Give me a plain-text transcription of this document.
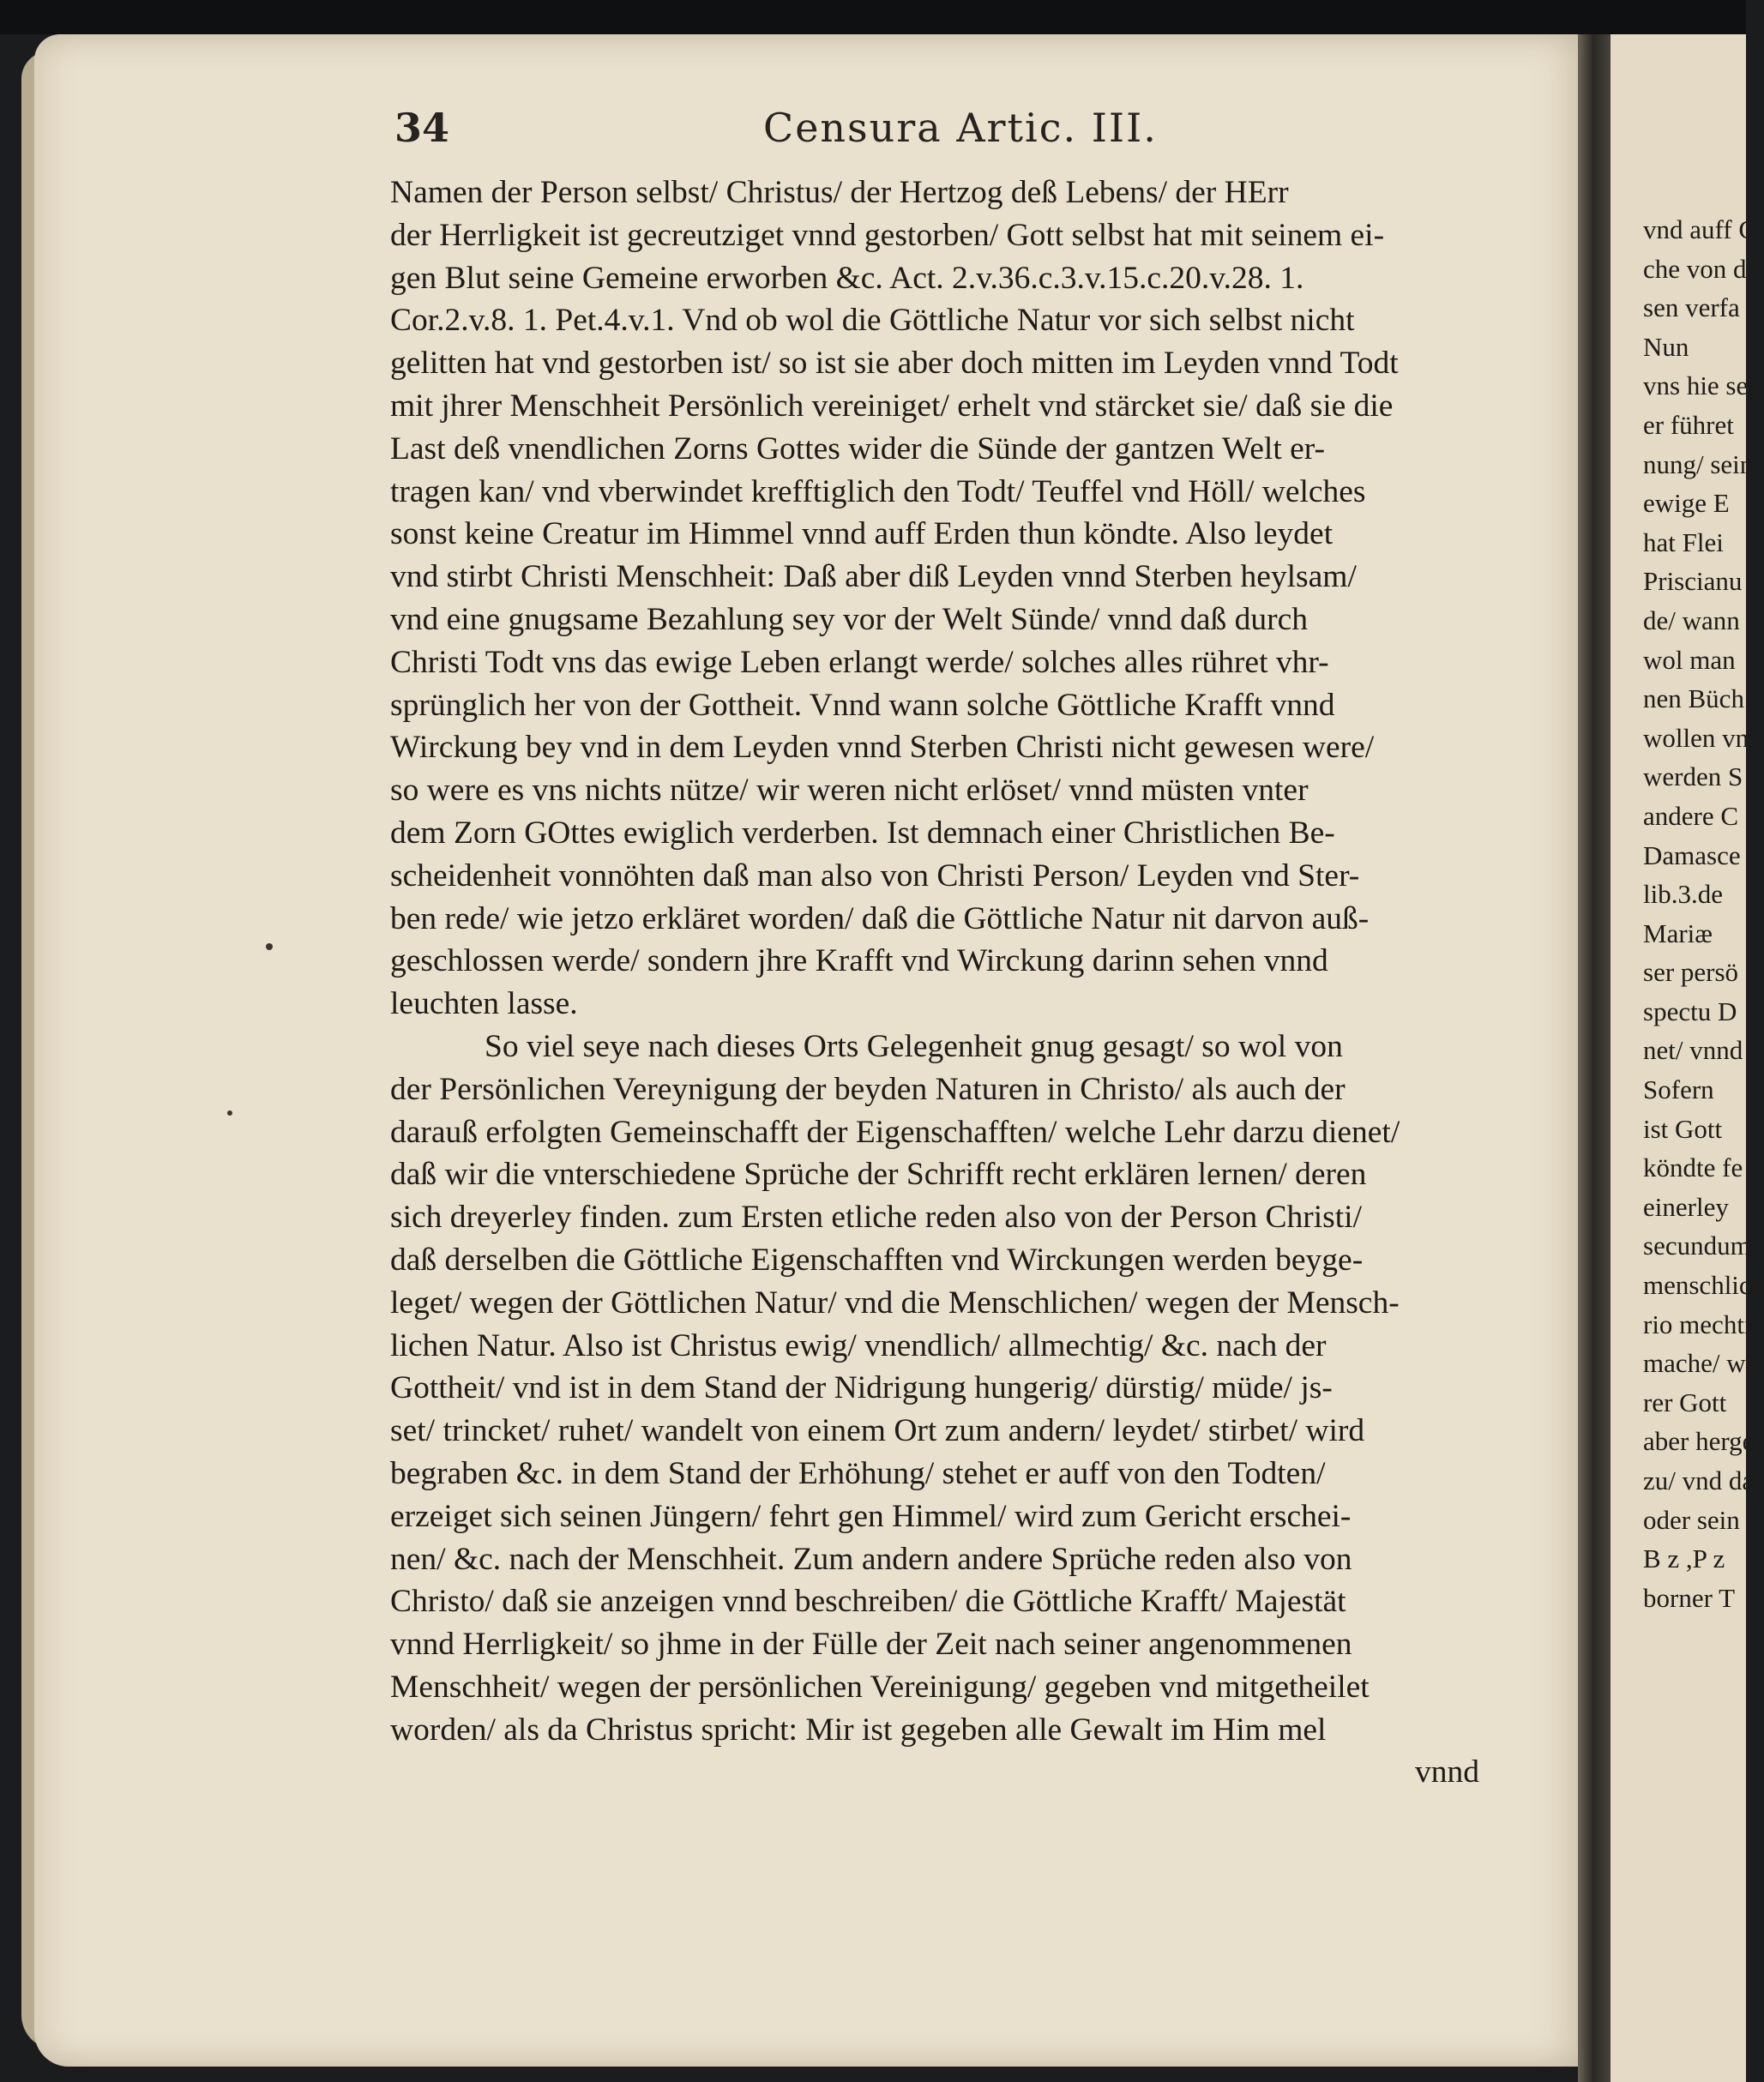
34	Censura Artic. III.
Namen der Person selbst/ Christus/ der Hertzog deß Lebens/ der HErr
der Herrligkeit ist gecreutziget vnnd gestorben/ Gott selbst hat mit seinem ei-
gen Blut seine Gemeine erworben &c. Act. 2.v.36.c.3.v.15.c.20.v.28. 1.
Cor.2.v.8. 1. Pet.4.v.1. Vnd ob wol die Göttliche Natur vor sich selbst nicht
gelitten hat vnd gestorben ist/ so ist sie aber doch mitten im Leyden vnnd Todt
mit jhrer Menschheit Persönlich vereiniget/ erhelt vnd stärcket sie/ daß sie die
Last deß vnendlichen Zorns Gottes wider die Sünde der gantzen Welt er-
tragen kan/ vnd vberwindet krefftiglich den Todt/ Teuffel vnd Höll/ welches
sonst keine Creatur im Himmel vnnd auff Erden thun köndte. Also leydet
vnd stirbt Christi Menschheit: Daß aber diß Leyden vnnd Sterben heylsam/
vnd eine gnugsame Bezahlung sey vor der Welt Sünde/ vnnd daß durch
Christi Todt vns das ewige Leben erlangt werde/ solches alles rühret vhr-
sprünglich her von der Gottheit. Vnnd wann solche Göttliche Krafft vnnd
Wirckung bey vnd in dem Leyden vnnd Sterben Christi nicht gewesen were/
so were es vns nichts nütze/ wir weren nicht erlöset/ vnnd müsten vnter
dem Zorn GOttes ewiglich verderben. Ist demnach einer Christlichen Be-
scheidenheit vonnöhten daß man also von Christi Person/ Leyden vnd Ster-
ben rede/ wie jetzo erkläret worden/ daß die Göttliche Natur nit darvon auß-
geschlossen werde/ sondern jhre Krafft vnd Wirckung darinn sehen vnnd
leuchten lasse.
So viel seye nach dieses Orts Gelegenheit gnug gesagt/ so wol von
der Persönlichen Vereynigung der beyden Naturen in Christo/ als auch der
darauß erfolgten Gemeinschafft der Eigenschafften/ welche Lehr darzu dienet/
daß wir die vnterschiedene Sprüche der Schrifft recht erklären lernen/ deren
sich dreyerley finden. zum Ersten etliche reden also von der Person Christi/
daß derselben die Göttliche Eigenschafften vnd Wirckungen werden beyge-
leget/ wegen der Göttlichen Natur/ vnd die Menschlichen/ wegen der Mensch-
lichen Natur. Also ist Christus ewig/ vnendlich/ allmechtig/ &c. nach der
Gottheit/ vnd ist in dem Stand der Nidrigung hungerig/ dürstig/ müde/ js-
set/ trincket/ ruhet/ wandelt von einem Ort zum andern/ leydet/ stirbet/ wird
begraben &c. in dem Stand der Erhöhung/ stehet er auff von den Todten/
erzeiget sich seinen Jüngern/ fehrt gen Himmel/ wird zum Gericht erschei-
nen/ &c. nach der Menschheit. Zum andern andere Sprüche reden also von
Christo/ daß sie anzeigen vnnd beschreiben/ die Göttliche Krafft/ Majestät
vnnd Herrligkeit/ so jhme in der Fülle der Zeit nach seiner angenommenen
Menschheit/ wegen der persönlichen Vereinigung/ gegeben vnd mitgetheilet
worden/ als da Christus spricht: Mir ist gegeben alle Gewalt im Him mel
vnnd
vnd auff C
che von de
sen verfa
Nun
vns hie sel
er führet
nung/ sein
ewige E
hat Flei
Priscianu
de/ wann
wol man
nen Büch
wollen vn
werden S
andere C
Damasce
lib.3.de
Mariæ
ser persö
spectu D
net/ vnnd
Sofern
ist Gott
köndte fe
einerley
secundum
menschlich
rio mechti
mache/ wi
rer Gott
aber herge
zu/ vnd da
oder sein
B z ,P z
borner T
